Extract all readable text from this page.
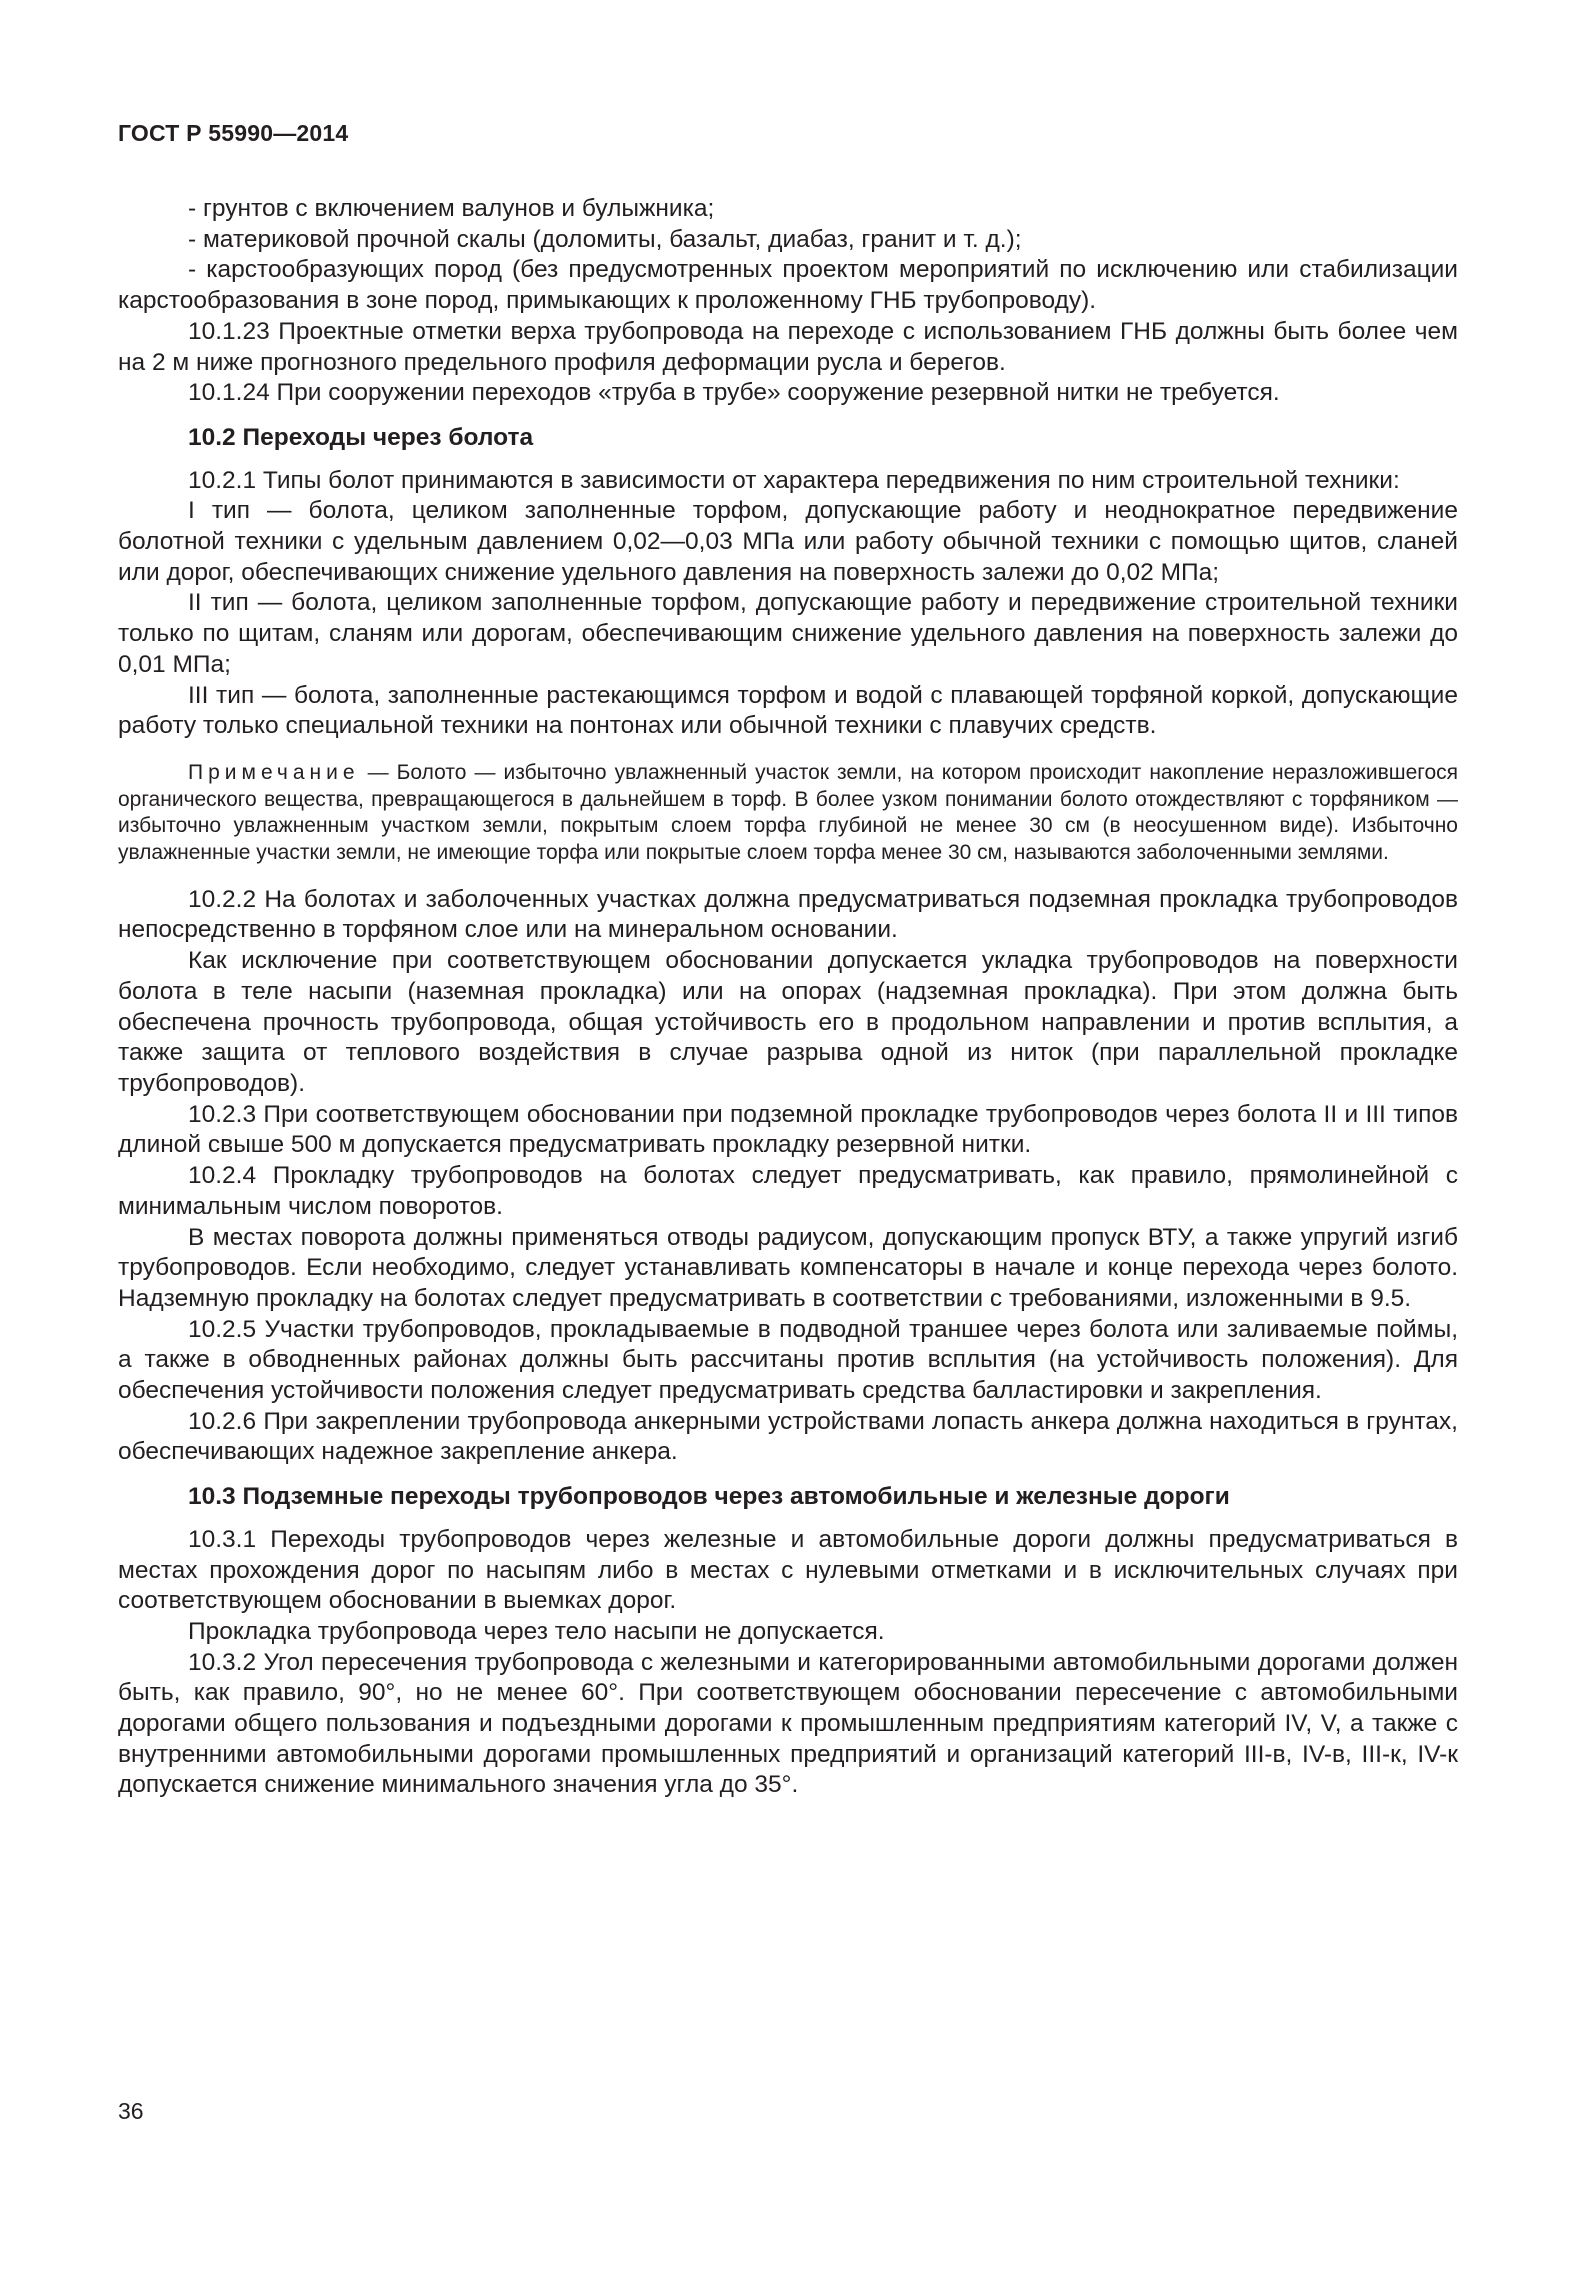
ГОСТ Р 55990—2014

- грунтов с включением валунов и булыжника;

- материковой прочной скалы (доломиты, базальт, диабаз, гранит и т. д.);

- карстообразующих пород (без предусмотренных проектом мероприятий по исключению или стабилизации карстообразования в зоне пород, примыкающих к проложенному ГНБ трубопроводу).

10.1.23 Проектные отметки верха трубопровода на переходе с использованием ГНБ должны быть более чем на 2 м ниже прогнозного предельного профиля деформации русла и берегов.

10.1.24 При сооружении переходов «труба в трубе» сооружение резервной нитки не требуется.

10.2 Переходы через болота

10.2.1 Типы болот принимаются в зависимости от характера передвижения по ним строительной техники:

I тип — болота, целиком заполненные торфом, допускающие работу и неоднократное передвижение болотной техники с удельным давлением 0,02—0,03 МПа или работу обычной техники с помощью щитов, сланей или дорог, обеспечивающих снижение удельного давления на поверхность залежи до 0,02 МПа;

II тип — болота, целиком заполненные торфом, допускающие работу и передвижение строительной техники только по щитам, сланям или дорогам, обеспечивающим снижение удельного давления на поверхность залежи до 0,01 МПа;

III тип — болота, заполненные растекающимся торфом и водой с плавающей торфяной коркой, допускающие работу только специальной техники на понтонах или обычной техники с плавучих средств.

Примечание — Болото — избыточно увлажненный участок земли, на котором происходит накопление неразложившегося органического вещества, превращающегося в дальнейшем в торф. В более узком понимании болото отождествляют с торфяником — избыточно увлажненным участком земли, покрытым слоем торфа глубиной не менее 30 см (в неосушенном виде). Избыточно увлажненные участки земли, не имеющие торфа или покрытые слоем торфа менее 30 см, называются заболоченными землями.

10.2.2 На болотах и заболоченных участках должна предусматриваться подземная прокладка трубопроводов непосредственно в торфяном слое или на минеральном основании.

Как исключение при соответствующем обосновании допускается укладка трубопроводов на поверхности болота в теле насыпи (наземная прокладка) или на опорах (надземная прокладка). При этом должна быть обеспечена прочность трубопровода, общая устойчивость его в продольном направлении и против всплытия, а также защита от теплового воздействия в случае разрыва одной из ниток (при параллельной прокладке трубопроводов).

10.2.3 При соответствующем обосновании при подземной прокладке трубопроводов через болота II и III типов длиной свыше 500 м допускается предусматривать прокладку резервной нитки.

10.2.4 Прокладку трубопроводов на болотах следует предусматривать, как правило, прямолинейной с минимальным числом поворотов.

В местах поворота должны применяться отводы радиусом, допускающим пропуск ВТУ, а также упругий изгиб трубопроводов. Если необходимо, следует устанавливать компенсаторы в начале и конце перехода через болото. Надземную прокладку на болотах следует предусматривать в соответствии с требованиями, изложенными в 9.5.

10.2.5 Участки трубопроводов, прокладываемые в подводной траншее через болота или заливаемые поймы, а также в обводненных районах должны быть рассчитаны против всплытия (на устойчивость положения). Для обеспечения устойчивости положения следует предусматривать средства балластировки и закрепления.

10.2.6 При закреплении трубопровода анкерными устройствами лопасть анкера должна находиться в грунтах, обеспечивающих надежное закрепление анкера.

10.3 Подземные переходы трубопроводов через автомобильные и железные дороги

10.3.1 Переходы трубопроводов через железные и автомобильные дороги должны предусматриваться в местах прохождения дорог по насыпям либо в местах с нулевыми отметками и в исключительных случаях при соответствующем обосновании в выемках дорог.

Прокладка трубопровода через тело насыпи не допускается.

10.3.2 Угол пересечения трубопровода с железными и категорированными автомобильными дорогами должен быть, как правило, 90°, но не менее 60°. При соответствующем обосновании пересечение с автомобильными дорогами общего пользования и подъездными дорогами к промышленным предприятиям категорий IV, V, а также с внутренними автомобильными дорогами промышленных предприятий и организаций категорий III-в, IV-в, III-к, IV-к допускается снижение минимального значения угла до 35°.

36
